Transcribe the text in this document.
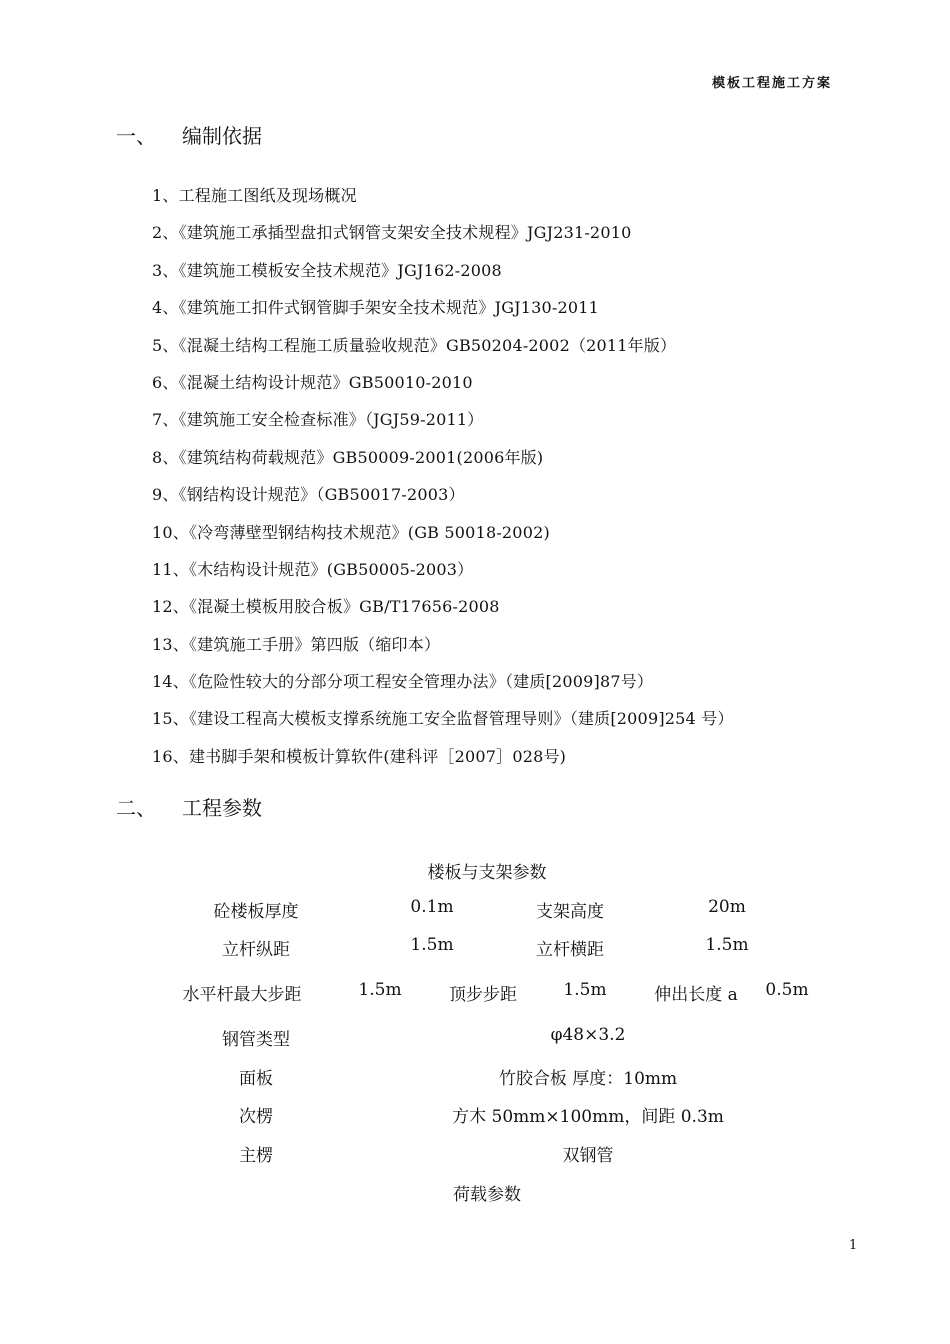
模板工程施工方案
一、 编制依据
1、工程施工图纸及现场概况
2、《建筑施工承插型盘扣式钢管支架安全技术规程》JGJ231-2010
3、《建筑施工模板安全技术规范》JGJ162-2008
4、《建筑施工扣件式钢管脚手架安全技术规范》JGJ130-2011
5、《混凝土结构工程施工质量验收规范》GB50204-2002（2011年版）
6、《混凝土结构设计规范》GB50010-2010
7、《建筑施工安全检查标准》（JGJ59-2011）
8、《建筑结构荷载规范》GB50009-2001(2006年版)
9、《钢结构设计规范》（GB50017-2003）
10、《冷弯薄壁型钢结构技术规范》(GB 50018-2002)
11、《木结构设计规范》(GB50005-2003）
12、《混凝土模板用胶合板》GB/T17656-2008
13、《建筑施工手册》第四版（缩印本）
14、《危险性较大的分部分项工程安全管理办法》（建质[2009]87号）
15、《建设工程高大模板支撑系统施工安全监督管理导则》（建质[2009]254 号）
16、建书脚手架和模板计算软件(建科评［2007］028号)
二、 工程参数
楼板与支架参数
砼楼板厚度	0.1m	支架高度	20m
立杆纵距	1.5m	立杆横距	1.5m
水平杆最大步距	1.5m	顶步步距	1.5m	伸出长度 a 0.5m
钢管类型	φ48×3.2
面板	竹胶合板 厚度：10mm
次楞	方木 50mm×100mm，间距 0.3m
主楞	双钢管
荷载参数
1
